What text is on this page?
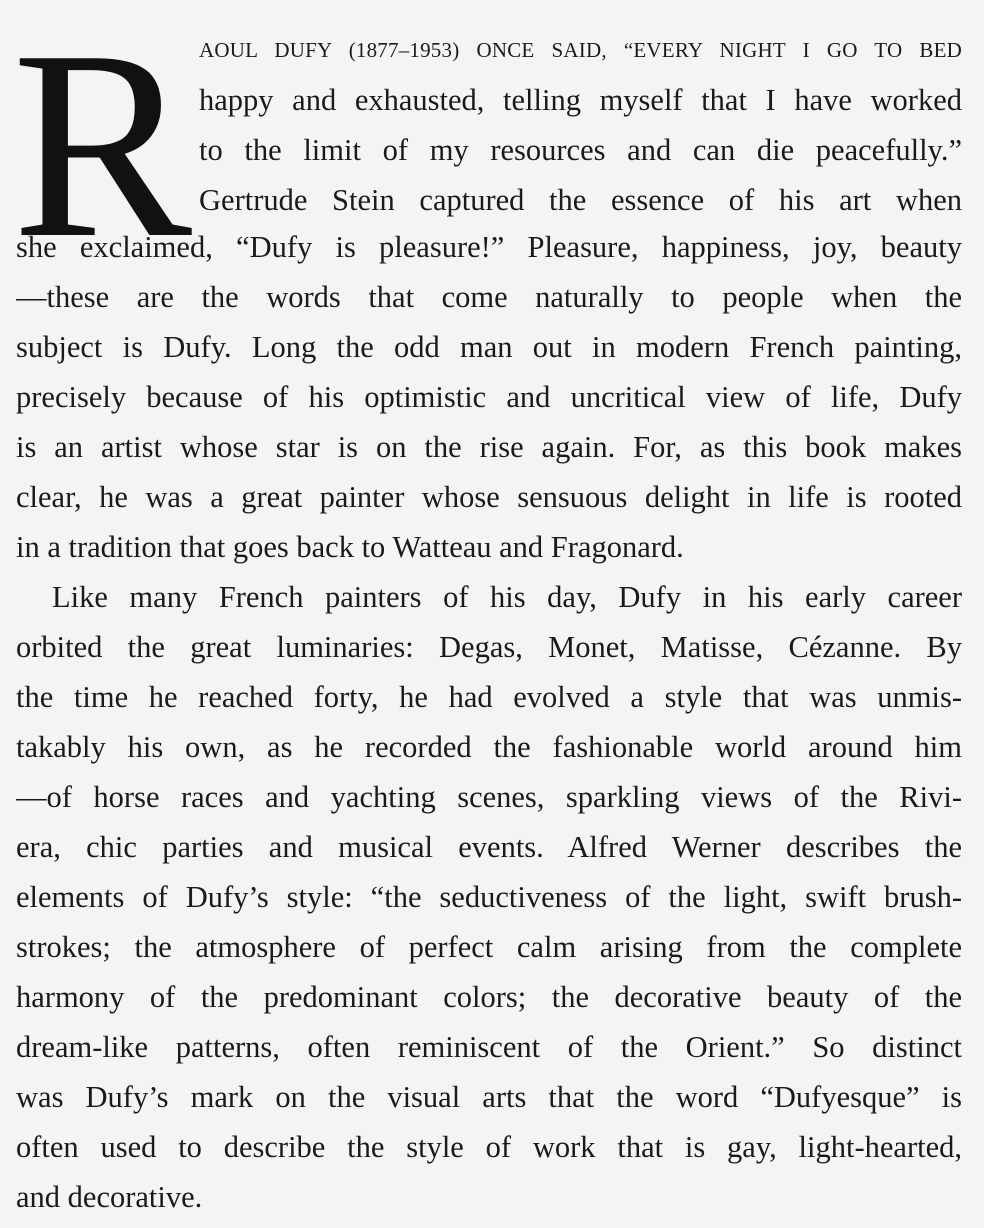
R AOUL DUFY (1877–1953) ONCE SAID, “EVERY NIGHT I GO TO BED
happy and exhausted, telling myself that I have worked
to the limit of my resources and can die peacefully.”
Gertrude Stein captured the essence of his art when
she exclaimed, “Dufy is pleasure!” Pleasure, happiness, joy, beauty
—these are the words that come naturally to people when the
subject is Dufy. Long the odd man out in modern French painting,
precisely because of his optimistic and uncritical view of life, Dufy
is an artist whose star is on the rise again. For, as this book makes
clear, he was a great painter whose sensuous delight in life is rooted
in a tradition that goes back to Watteau and Fragonard.
Like many French painters of his day, Dufy in his early career
orbited the great luminaries: Degas, Monet, Matisse, Cézanne. By
the time he reached forty, he had evolved a style that was unmis-
takably his own, as he recorded the fashionable world around him
—of horse races and yachting scenes, sparkling views of the Rivi-
era, chic parties and musical events. Alfred Werner describes the
elements of Dufy’s style: “the seductiveness of the light, swift brush-
strokes; the atmosphere of perfect calm arising from the complete
harmony of the predominant colors; the decorative beauty of the
dream-like patterns, often reminiscent of the Orient.” So distinct
was Dufy’s mark on the visual arts that the word “Dufyesque” is
often used to describe the style of work that is gay, light-hearted,
and decorative.
